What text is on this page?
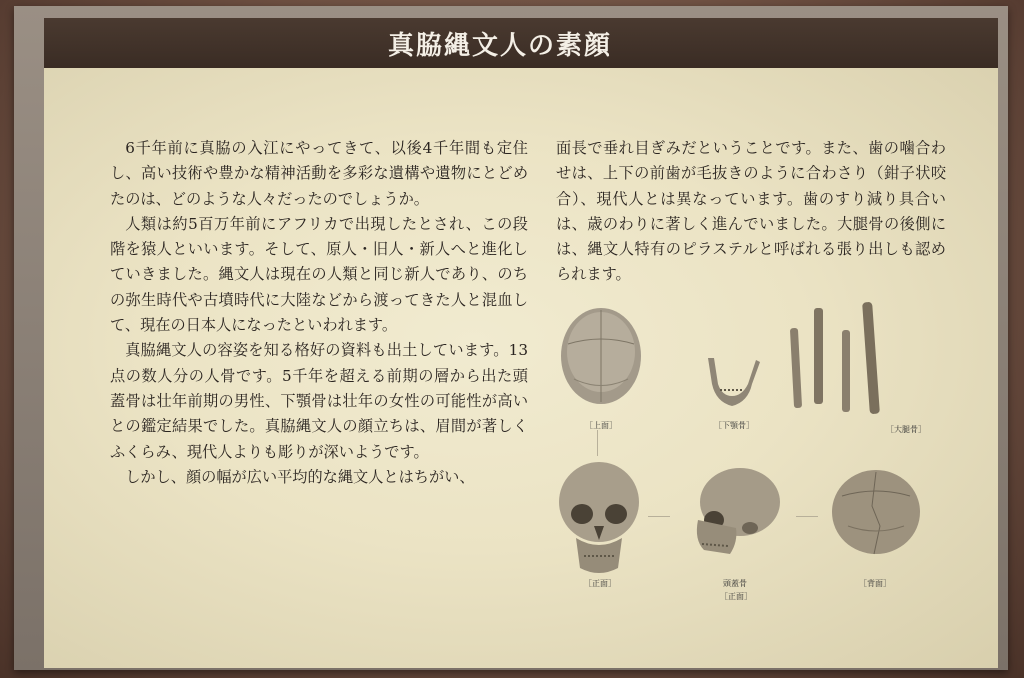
真脇縄文人の素顔

6千年前に真脇の入江にやってきて、以後4千年間も定住し、高い技術や豊かな精神活動を多彩な遺構や遺物にとどめたのは、どのような人々だったのでしょうか。

人類は約5百万年前にアフリカで出現したとされ、この段階を猿人といいます。そして、原人・旧人・新人へと進化していきました。縄文人は現在の人類と同じ新人であり、のちの弥生時代や古墳時代に大陸などから渡ってきた人と混血して、現在の日本人になったといわれます。

真脇縄文人の容姿を知る格好の資料も出土しています。13点の数人分の人骨です。5千年を超える前期の層から出た頭蓋骨は壮年前期の男性、下顎骨は壮年の女性の可能性が高いとの鑑定結果でした。真脇縄文人の顔立ちは、眉間が著しくふくらみ、現代人よりも彫りが深いようです。

しかし、顔の幅が広い平均的な縄文人とはちがい、

面長で垂れ目ぎみだということです。また、歯の噛合わせは、上下の前歯が毛抜きのように合わさり（鉗子状咬合）、現代人とは異なっています。歯のすり減り具合いは、歳のわりに著しく進んでいました。大腿骨の後側には、縄文人特有のピラステルと呼ばれる張り出しも認められます。

［上面］	［下顎骨］	［大腿骨］
［正面］	頭蓋骨
［正面］
［背面］
